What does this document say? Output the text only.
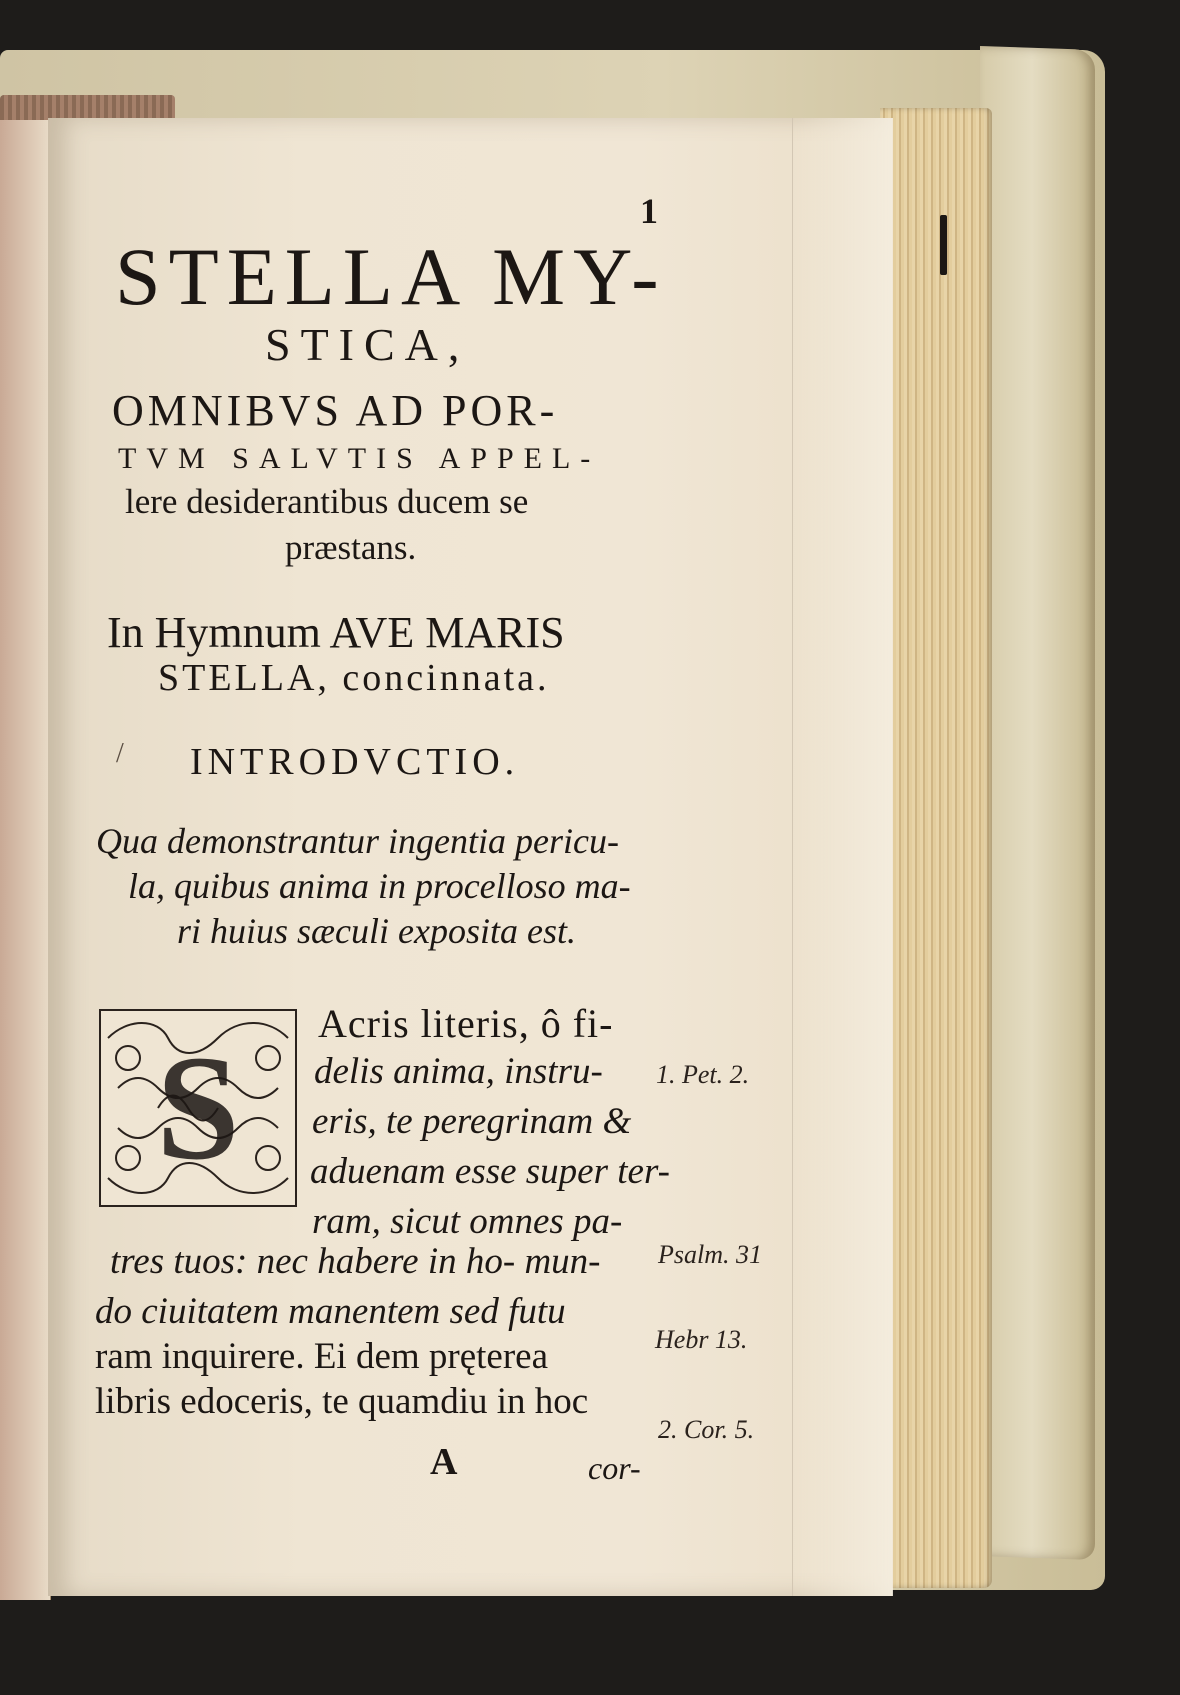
1
STELLA MY-
STICA,
OMNIBVS AD POR-
TVM SALVTIS APPEL-
lere desiderantibus ducem se
præstans.
In Hymnum AVE MARIS
STELLA, concinnata.
/ INTRODVCTIO.
Qua demonstrantur ingentia pericu-
la, quibus anima in procelloso ma-
ri huius sæculi exposita est.
S
Acris literis, ô fi-
delis anima, instru-
eris, te peregrinam &
aduenam esse super ter-
ram, sicut omnes pa-
tres tuos: nec habere in ho- mun-
do ciuitatem manentem sed futu
ram inquirere. Ei dem pręterea
libris edoceris, te quamdiu in hoc
A	cor-
1. Pet. 2.
Psalm. 31
Hebr 13.
2. Cor. 5.
